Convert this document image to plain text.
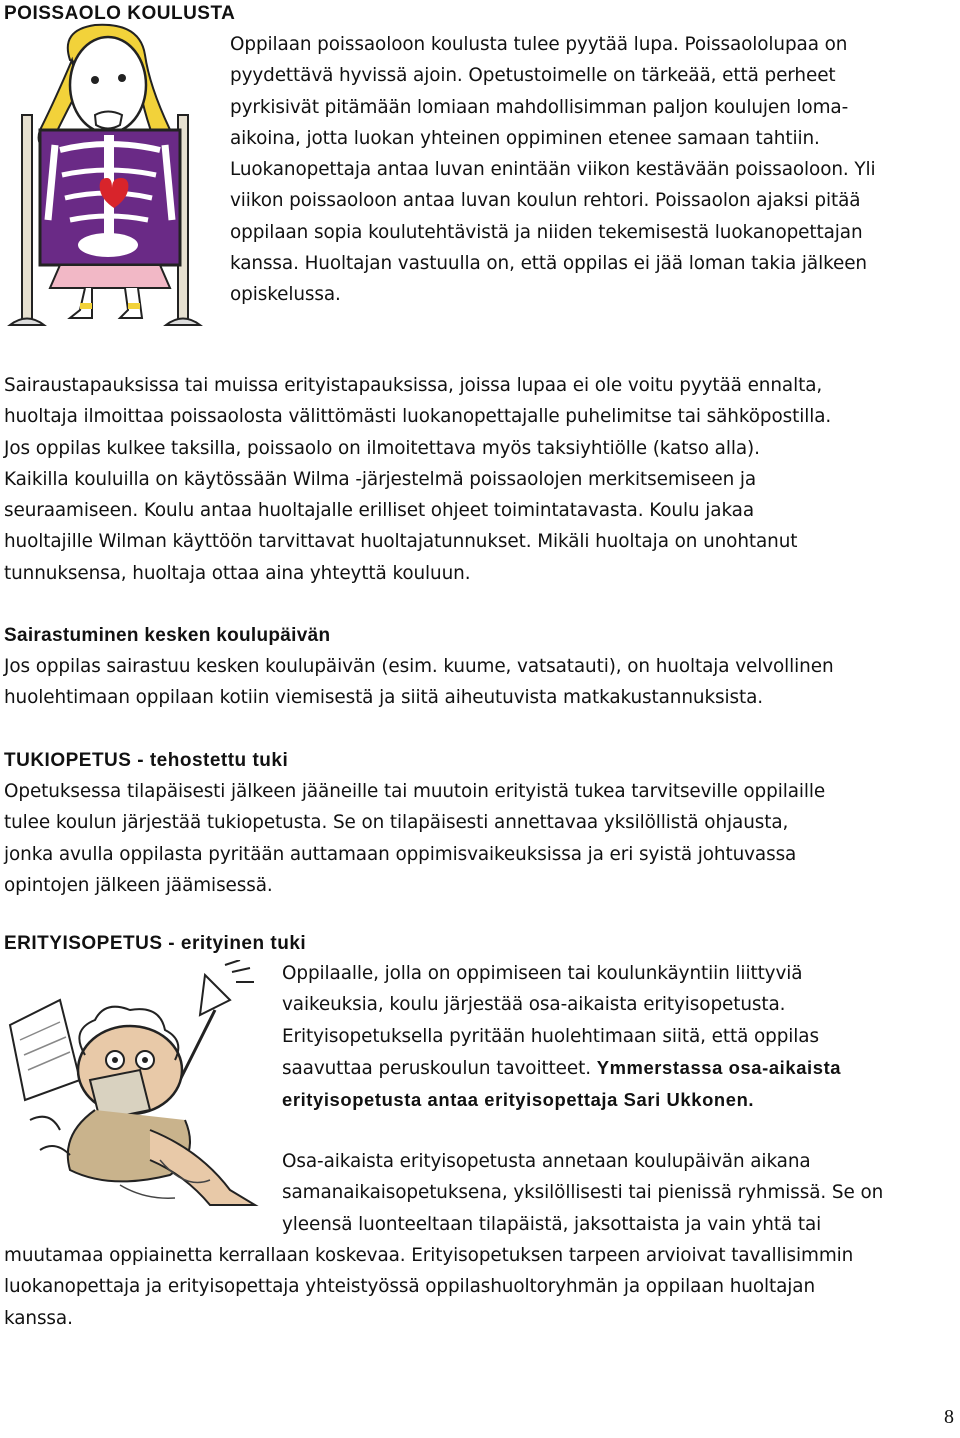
POISSAOLO KOULUSTA

Oppilaan poissaoloon koulusta tulee pyytää lupa. Poissaololupaa on
pyydettävä hyvissä ajoin. Opetustoimelle on tärkeää, että perheet
pyrkisivät pitämään lomiaan mahdollisimman paljon koulujen loma-
aikoina, jotta luokan yhteinen oppiminen etenee samaan tahtiin.
Luokanopettaja antaa luvan enintään viikon kestävään poissaoloon. Yli
viikon poissaoloon antaa luvan koulun rehtori. Poissaolon ajaksi pitää
oppilaan sopia koulutehtävistä ja niiden tekemisestä luokanopettajan
kanssa. Huoltajan vastuulla on, että oppilas ei jää loman takia jälkeen
opiskelussa.

Sairaustapauksissa tai muissa erityistapauksissa, joissa lupaa ei ole voitu pyytää ennalta,
huoltaja ilmoittaa poissaolosta välittömästi luokanopettajalle puhelimitse tai sähköpostilla.
Jos oppilas kulkee taksilla, poissaolo on ilmoitettava myös taksiyhtiölle (katso alla).
Kaikilla kouluilla on käytössään Wilma -järjestelmä poissaolojen merkitsemiseen ja
seuraamiseen. Koulu antaa huoltajalle erilliset ohjeet toimintatavasta. Koulu jakaa
huoltajille Wilman käyttöön tarvittavat huoltajatunnukset. Mikäli huoltaja on unohtanut
tunnuksensa, huoltaja ottaa aina yhteyttä kouluun.

Sairastuminen kesken koulupäivän

Jos oppilas sairastuu kesken koulupäivän (esim. kuume, vatsatauti), on huoltaja velvollinen
huolehtimaan oppilaan kotiin viemisestä ja siitä aiheutuvista matkakustannuksista.

TUKIOPETUS - tehostettu tuki

Opetuksessa tilapäisesti jälkeen jääneille tai muutoin erityistä tukea tarvitseville oppilaille
tulee koulun järjestää tukiopetusta. Se on tilapäisesti annettavaa yksilöllistä ohjausta,
jonka avulla oppilasta pyritään auttamaan oppimisvaikeuksissa ja eri syistä johtuvassa
opintojen jälkeen jäämisessä.

ERITYISOPETUS - erityinen tuki

Oppilaalle, jolla on oppimiseen tai koulunkäyntiin liittyviä
vaikeuksia, koulu järjestää osa-aikaista erityisopetusta.
Erityisopetuksella pyritään huolehtimaan siitä, että oppilas
saavuttaa peruskoulun tavoitteet. Ymmerstassa osa-aikaista
erityisopetusta antaa erityisopettaja Sari Ukkonen.

Osa-aikaista erityisopetusta annetaan koulupäivän aikana
samanaikaisopetuksena, yksilöllisesti tai pienissä ryhmissä. Se on
yleensä luonteeltaan tilapäistä, jaksottaista ja vain yhtä tai

muutamaa oppiainetta kerrallaan koskevaa. Erityisopetuksen tarpeen arvioivat tavallisimmin
luokanopettaja ja erityisopettaja yhteistyössä oppilashuoltoryhmän ja oppilaan huoltajan
kanssa.

8
